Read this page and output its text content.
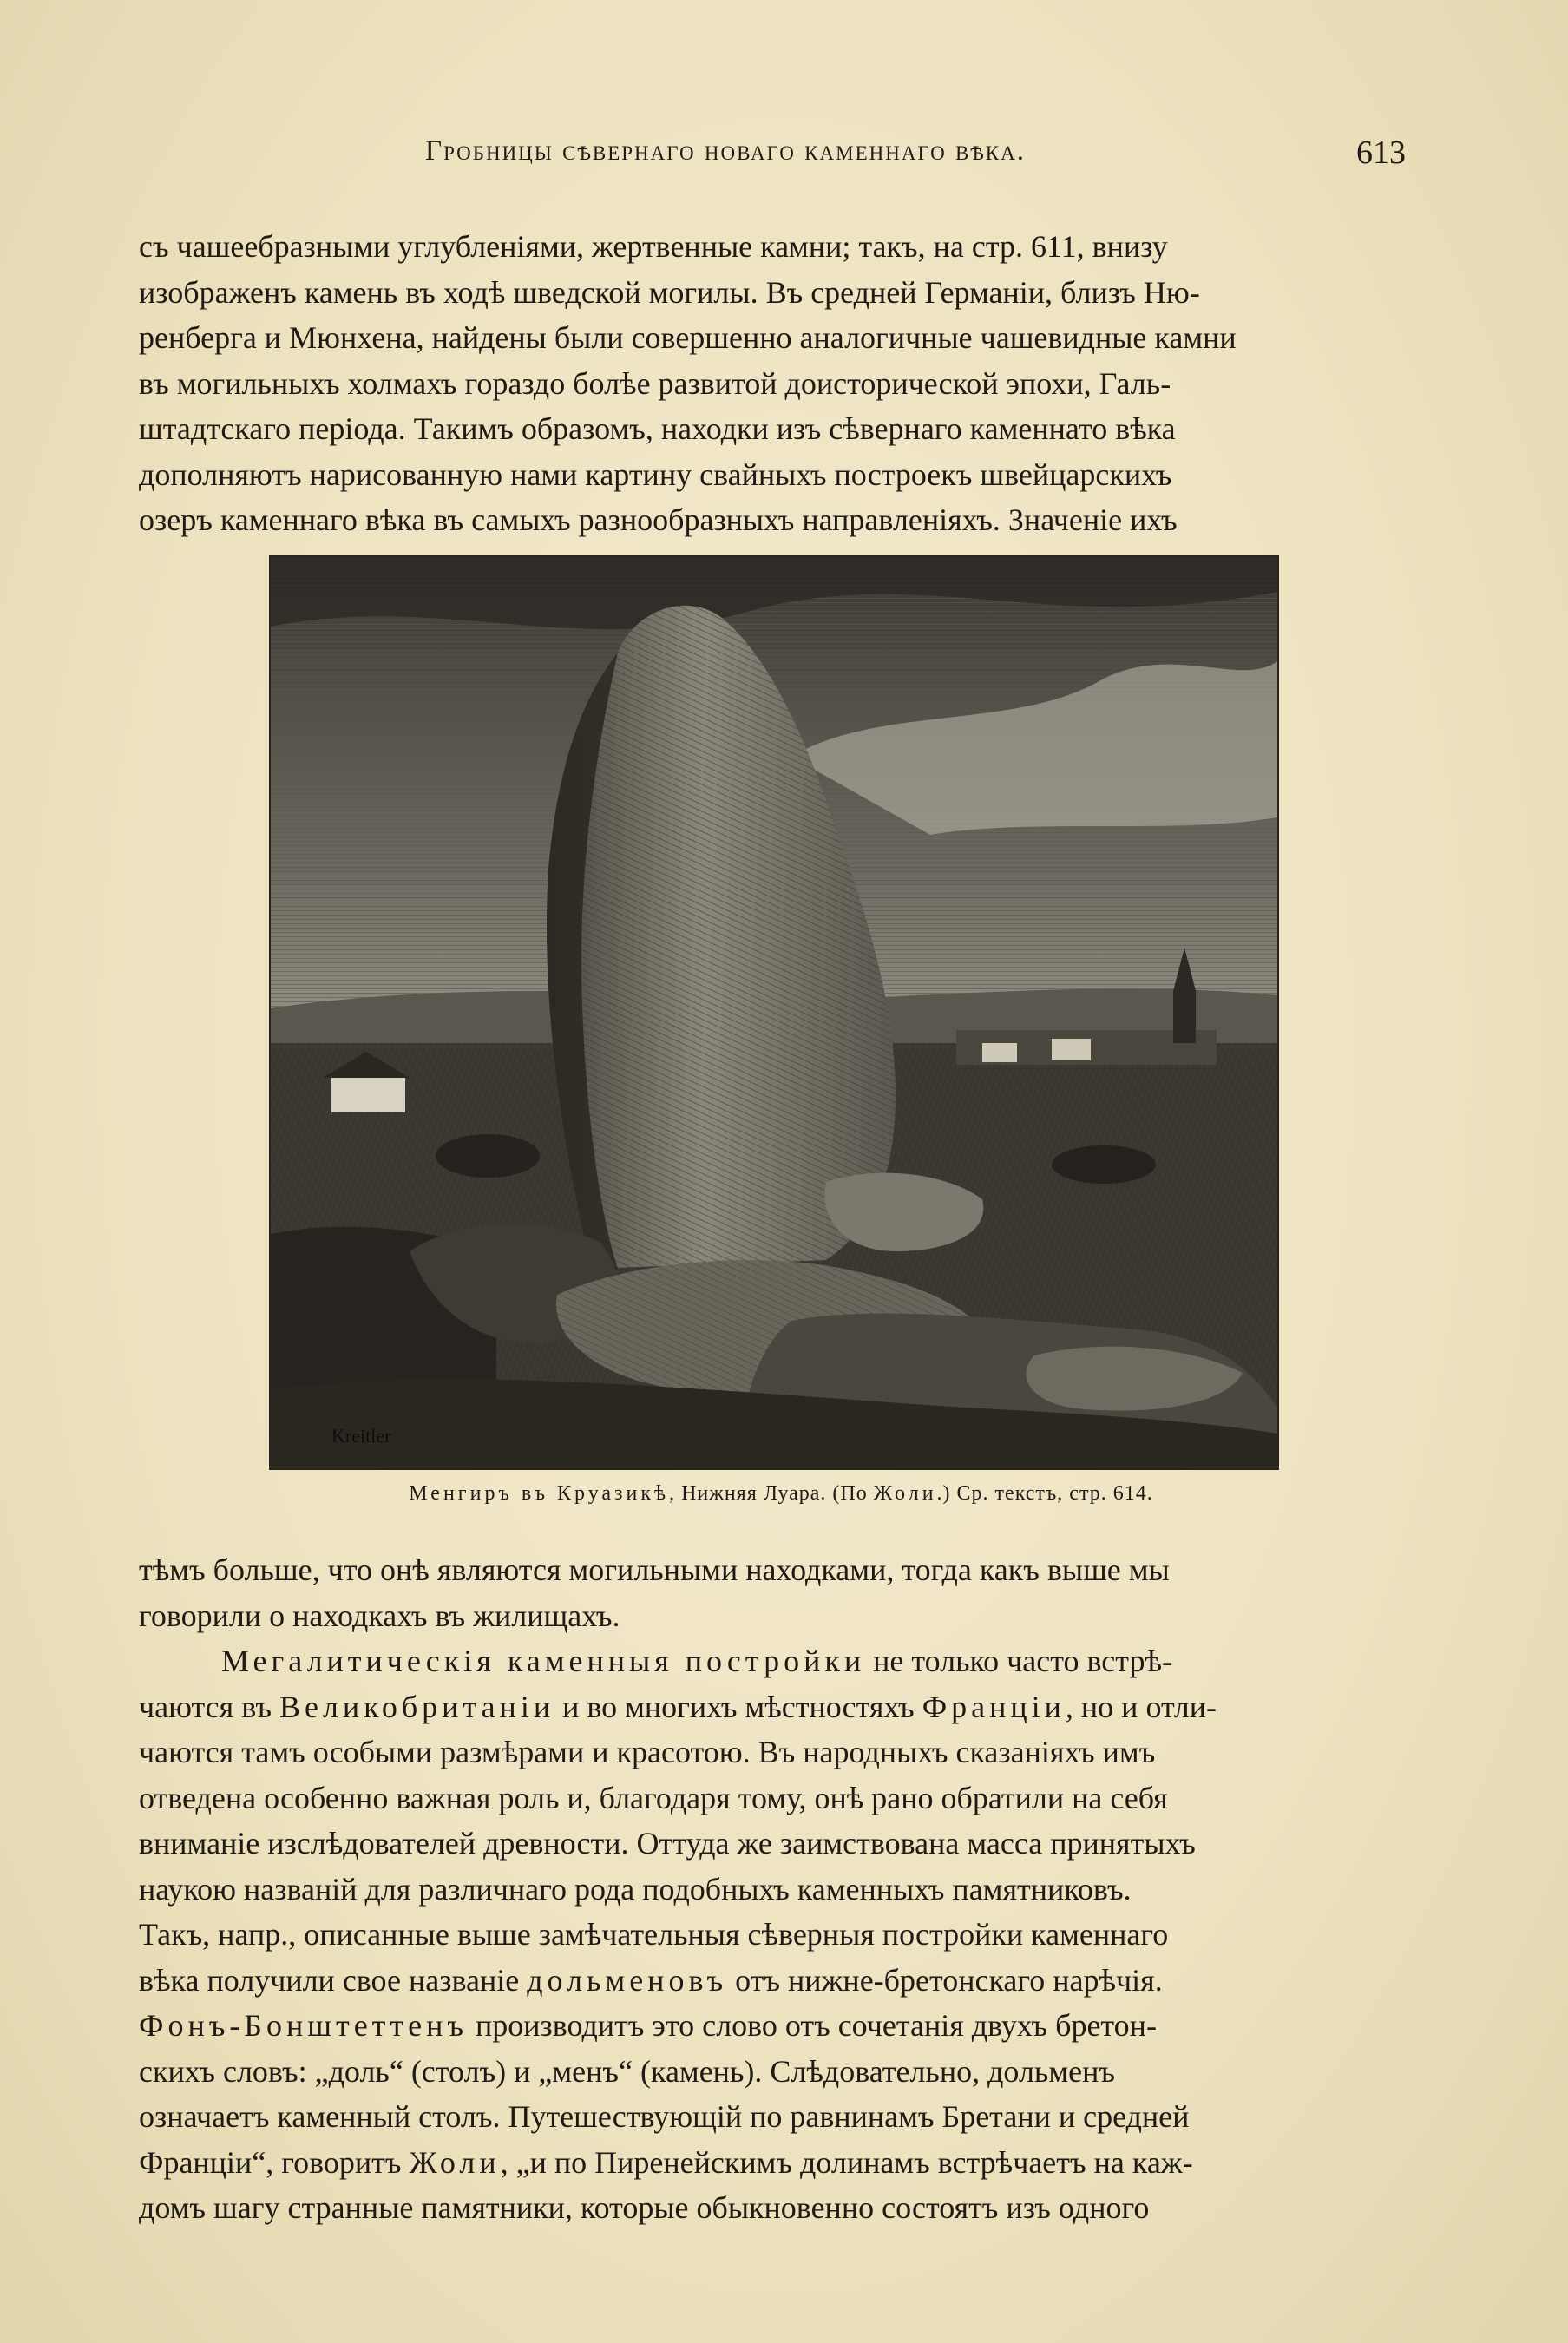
Гробницы сѣвернаго новаго каменнаго вѣка.	613

съ чашеебразными углубленіями, жертвенные камни; такъ, на стр. 611, внизу

изображенъ камень въ ходѣ шведской могилы. Въ средней Германіи, близъ Ню-

ренберга и Мюнхена, найдены были совершенно аналогичные чашевидные камни

въ могильныхъ холмахъ гораздо болѣе развитой доисторической эпохи, Галь-

штадтскаго періода. Такимъ образомъ, находки изъ сѣвернаго каменнато вѣка

дополняютъ нарисованную нами картину свайныхъ построекъ швейцарскихъ

озеръ каменнаго вѣка въ самыхъ разнообразныхъ направленіяхъ. Значеніе ихъ

Kreitler
Менгиръ въ Круазикѣ, Нижняя Луара. (По Жоли.) Ср. текстъ, стр. 614.

тѣмъ больше, что онѣ являются могильными находками, тогда какъ выше мы

говорили о находкахъ въ жилищахъ.

Мегалитическія каменныя постройки не только часто встрѣ-

чаются въ Великобританіи и во многихъ мѣстностяхъ Франціи, но и отли-

чаются тамъ особыми размѣрами и красотою. Въ народныхъ сказаніяхъ имъ

отведена особенно важная роль и, благодаря тому, онѣ рано обратили на себя

вниманіе изслѣдователей древности. Оттуда же заимствована масса принятыхъ

наукою названій для различнаго рода подобныхъ каменныхъ памятниковъ.

Такъ, напр., описанные выше замѣчательныя сѣверныя постройки каменнаго

вѣка получили свое названіе дольменовъ отъ нижне-бретонскаго нарѣчія.

Фонъ-Бонштеттенъ производитъ это слово отъ сочетанія двухъ бретон-

скихъ словъ: „доль“ (столъ) и „менъ“ (камень). Слѣдовательно, дольменъ

означаетъ каменный столъ. Путешествующій по равнинамъ Бретани и средней

Франціи“, говоритъ Жоли, „и по Пиренейскимъ долинамъ встрѣчаетъ на каж-

домъ шагу странные памятники, которые обыкновенно состоятъ изъ одного
